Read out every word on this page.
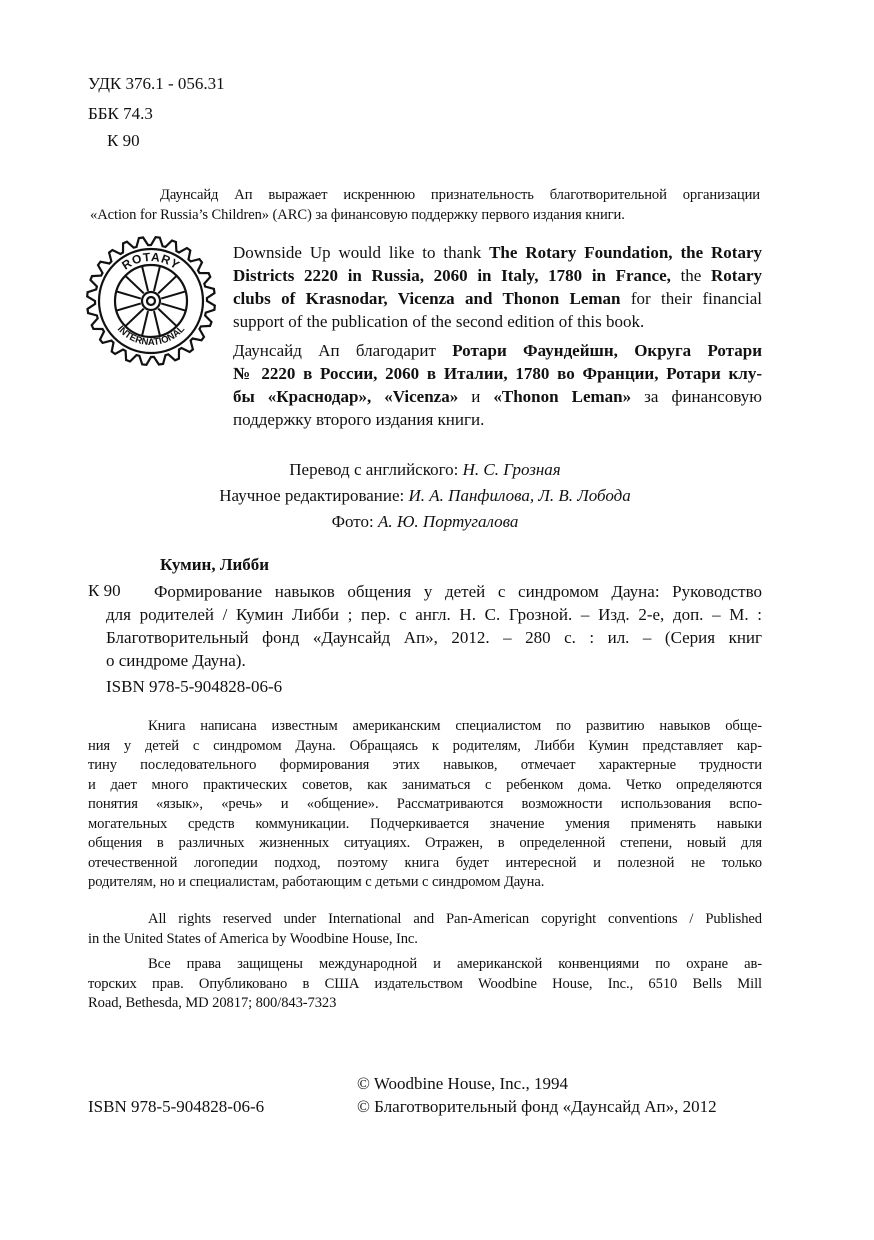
УДК 376.1 - 056.31
ББК 74.3
К 90
Даунсайд Ап выражает искреннюю признательность благотворительной организации
«Action for Russia’s Children» (ARC) за финансовую поддержку первого издания книги.
ROTARY
INTERNATIONAL
Downside Up would like to thank The Rotary Foundation, the Rotary
Districts 2220 in Russia, 2060 in Italy, 1780 in France, the Rotary
clubs of Krasnodar, Vicenza and Thonon Leman for their financial
support of the publication of the second edition of this book.
Даунсайд Ап благодарит Ротари Фаундейшн, Округа Ротари
№ 2220 в России, 2060 в Италии, 1780 во Франции, Ротари клу-
бы «Краснодар», «Vicenza» и «Thonon Leman» за финансовую
поддержку второго издания книги.
Перевод с английского: Н. С. Грозная
Научное редактирование: И. А. Панфилова, Л. В. Лобода
Фото: А. Ю. Португалова
Кумин, Либби
К 90	Формирование навыков общения у детей с синдромом Дауна: Руководство
для родителей / Кумин Либби ; пер. с англ. Н. С. Грозной. – Изд. 2-е, доп. – М. :
Благотворительный фонд «Даунсайд Ап», 2012. – 280 с. : ил. – (Серия книг
о синдроме Дауна).
ISBN 978-5-904828-06-6
Книга написана известным американским специалистом по развитию навыков обще-
ния у детей с синдромом Дауна. Обращаясь к родителям, Либби Кумин представляет кар-
тину последовательного формирования этих навыков, отмечает характерные трудности
и дает много практических советов, как заниматься с ребенком дома. Четко определяются
понятия «язык», «речь» и «общение». Рассматриваются возможности использования вспо-
могательных средств коммуникации. Подчеркивается значение умения применять навыки
общения в различных жизненных ситуациях. Отражен, в определенной степени, новый для
отечественной логопедии подход, поэтому книга будет интересной и полезной не только
родителям, но и специалистам, работающим с детьми с синдромом Дауна.
All rights reserved under International and Pan-American copyright conventions / Published
in the United States of America by Woodbine House, Inc.
Все права защищены международной и американской конвенциями по охране ав-
торских прав. Опубликовано в США издательством Woodbine House, Inc., 6510 Bells Mill
Road, Bethesda, MD 20817; 800/843-7323
© Woodbine House, Inc., 1994
ISBN 978-5-904828-06-6	© Благотворительный фонд «Даунсайд Ап», 2012
